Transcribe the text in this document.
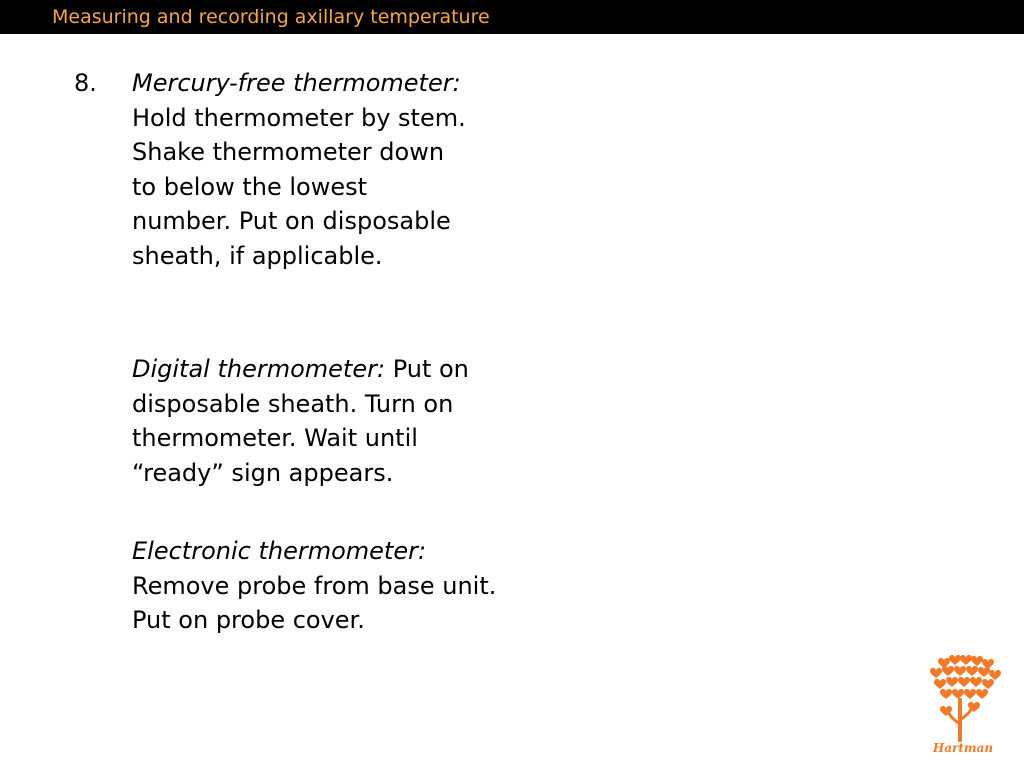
Measuring and recording axillary temperature
8. Mercury-free thermometer: Hold thermometer by stem. Shake thermometer down to below the lowest number. Put on disposable sheath, if applicable.
Digital thermometer: Put on disposable sheath. Turn on thermometer. Wait until “ready” sign appears.
Electronic thermometer: Remove probe from base unit. Put on probe cover.
Hartman
